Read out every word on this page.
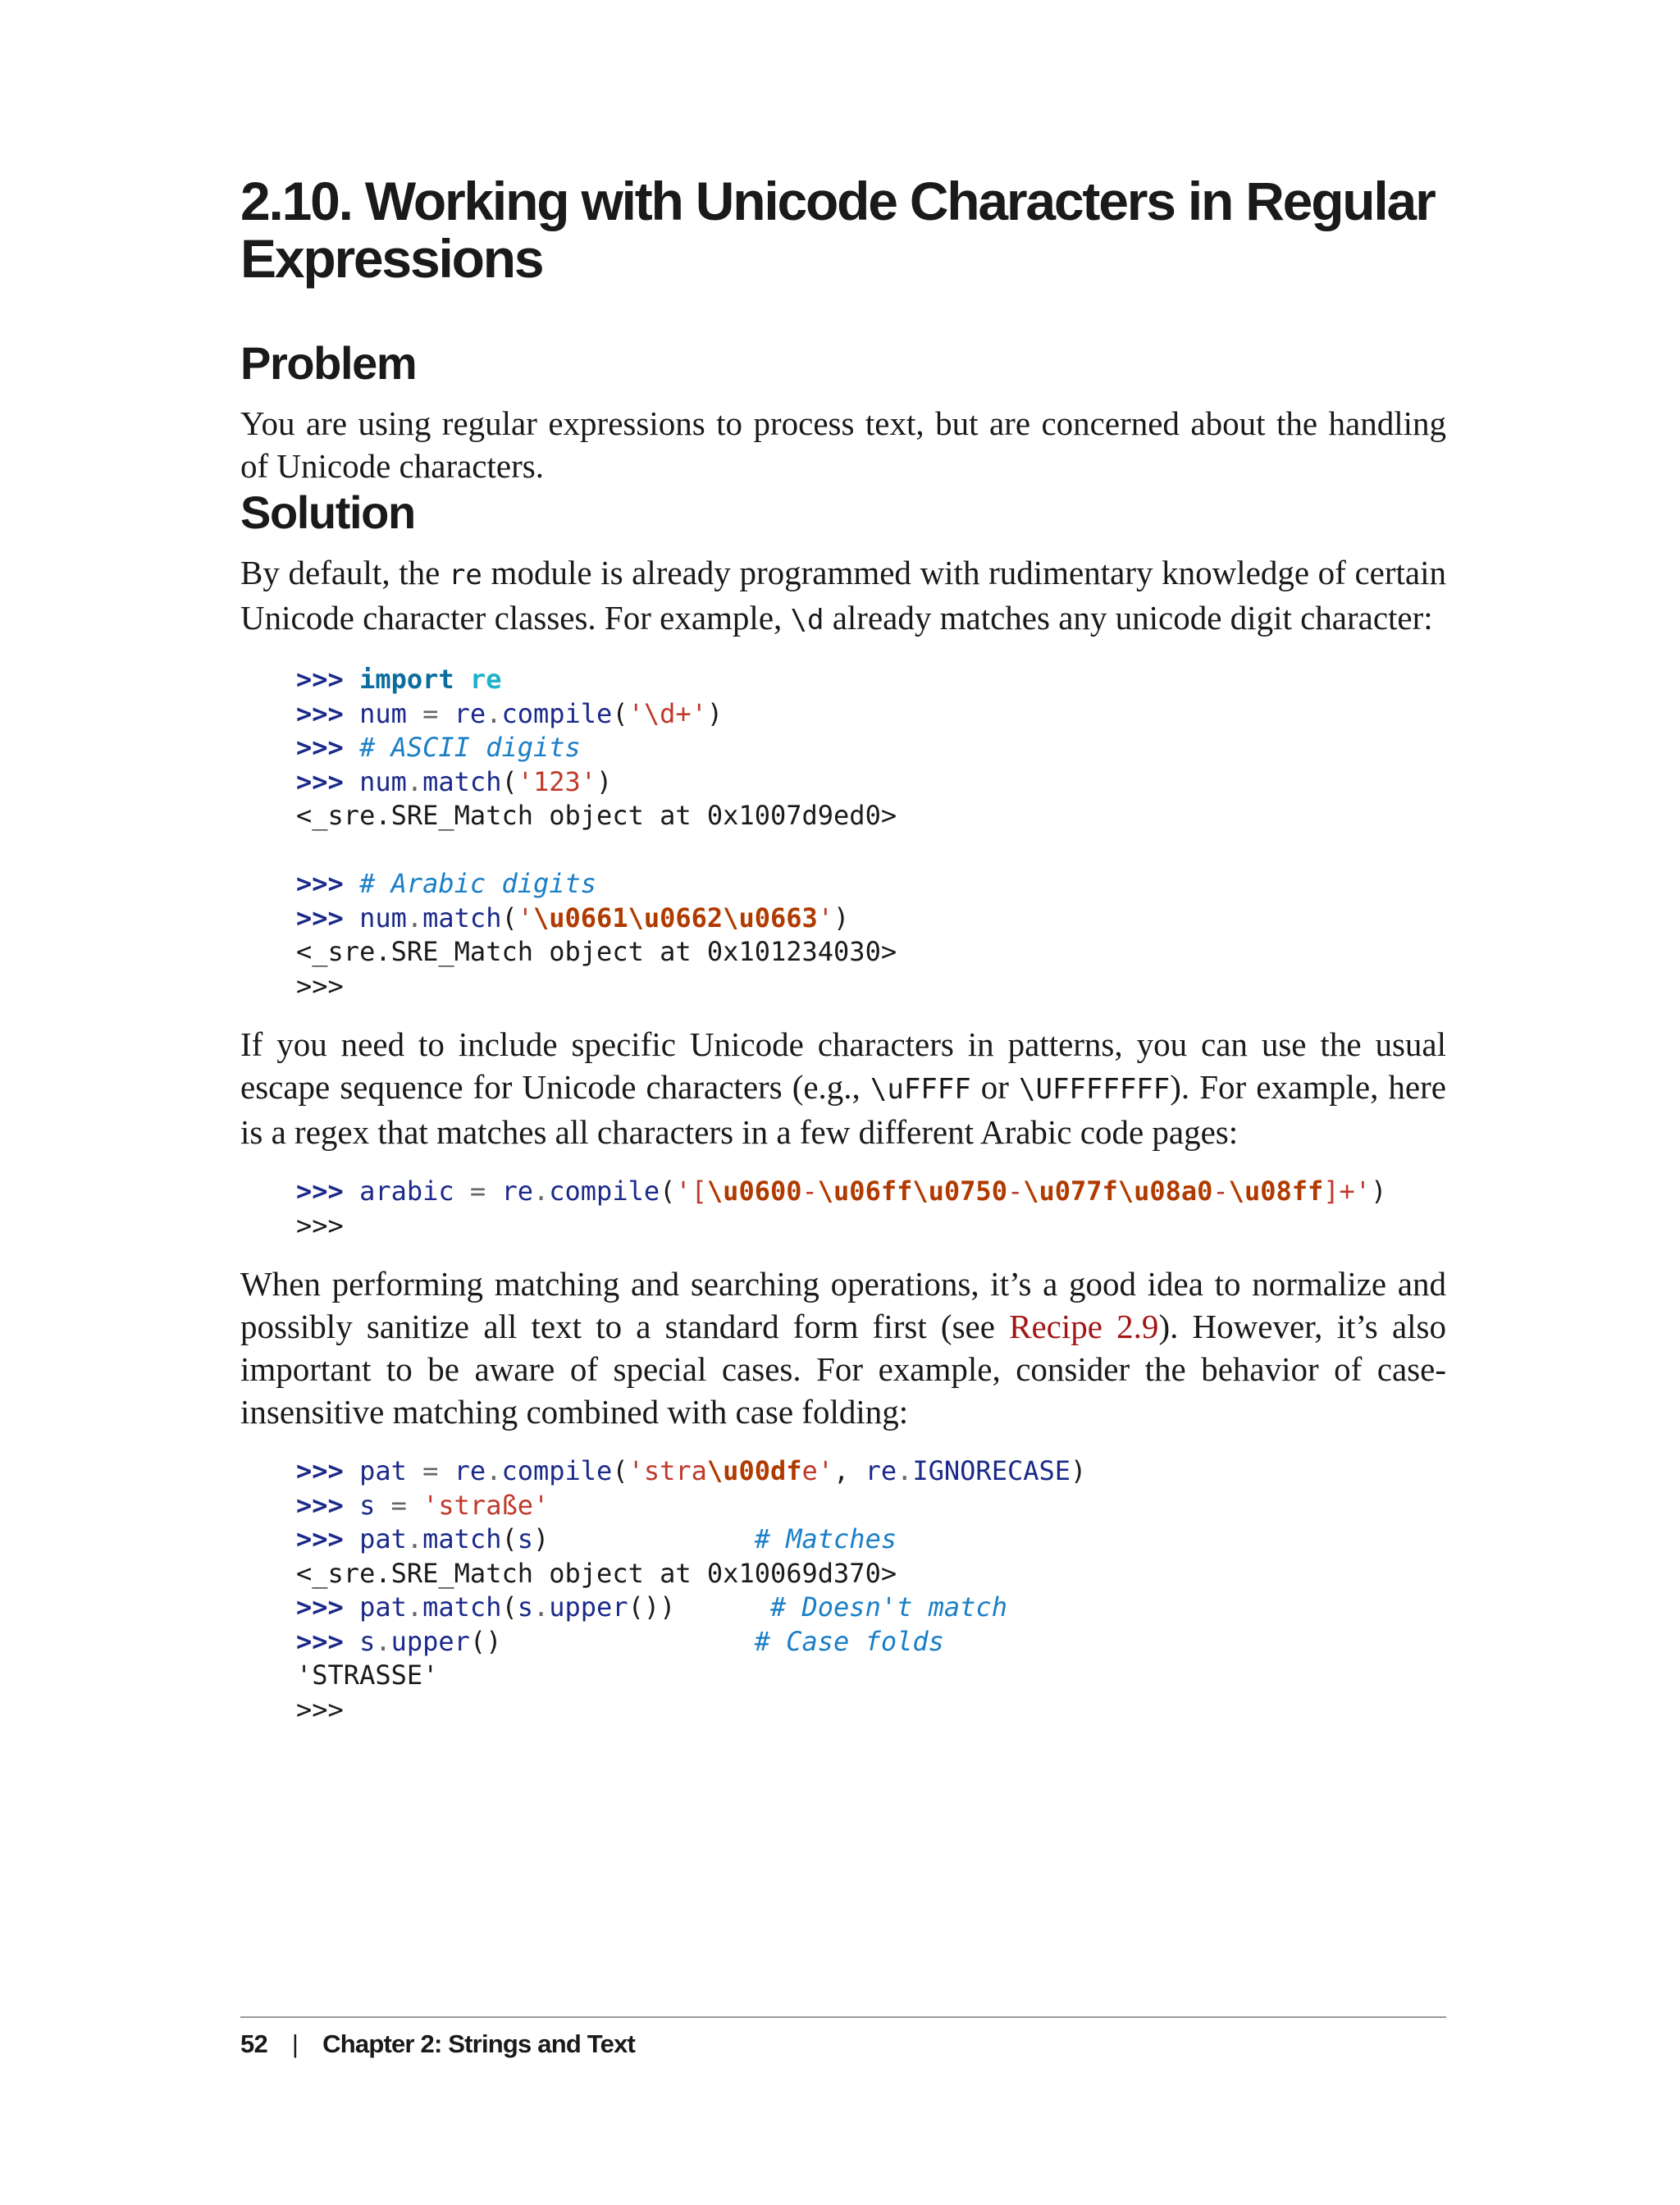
2.10. Working with Unicode Characters in Regular Expressions
Problem

You are using regular expressions to process text, but are concerned about the handling of Unicode characters.

Solution

By default, the re module is already programmed with rudimentary knowledge of certain Unicode character classes. For example, \d already matches any unicode digit character:

>>> import re
>>> num = re.compile('\d+')
>>> # ASCII digits
>>> num.match('123')
<_sre.SRE_Match object at 0x1007d9ed0>

>>> # Arabic digits
>>> num.match('\u0661\u0662\u0663')
<_sre.SRE_Match object at 0x101234030>
>>>

If you need to include specific Unicode characters in patterns, you can use the usual escape sequence for Unicode characters (e.g., \uFFFF or \UFFFFFFF). For example, here is a regex that matches all characters in a few different Arabic code pages:

>>> arabic = re.compile('[\u0600-\u06ff\u0750-\u077f\u08a0-\u08ff]+')
>>>

When performing matching and searching operations, it’s a good idea to normalize and possibly sanitize all text to a standard form first (see Recipe 2.9). However, it’s also important to be aware of special cases. For example, consider the behavior of case-insensitive matching combined with case folding:

>>> pat = re.compile('stra\u00dfe', re.IGNORECASE)
>>> s = 'straße'
>>> pat.match(s)	# Matches
<_sre.SRE_Match object at 0x10069d370>
>>> pat.match(s.upper())	# Doesn't match
>>> s.upper()	# Case folds
'STRASSE'
>>>
52 | Chapter 2: Strings and Text
